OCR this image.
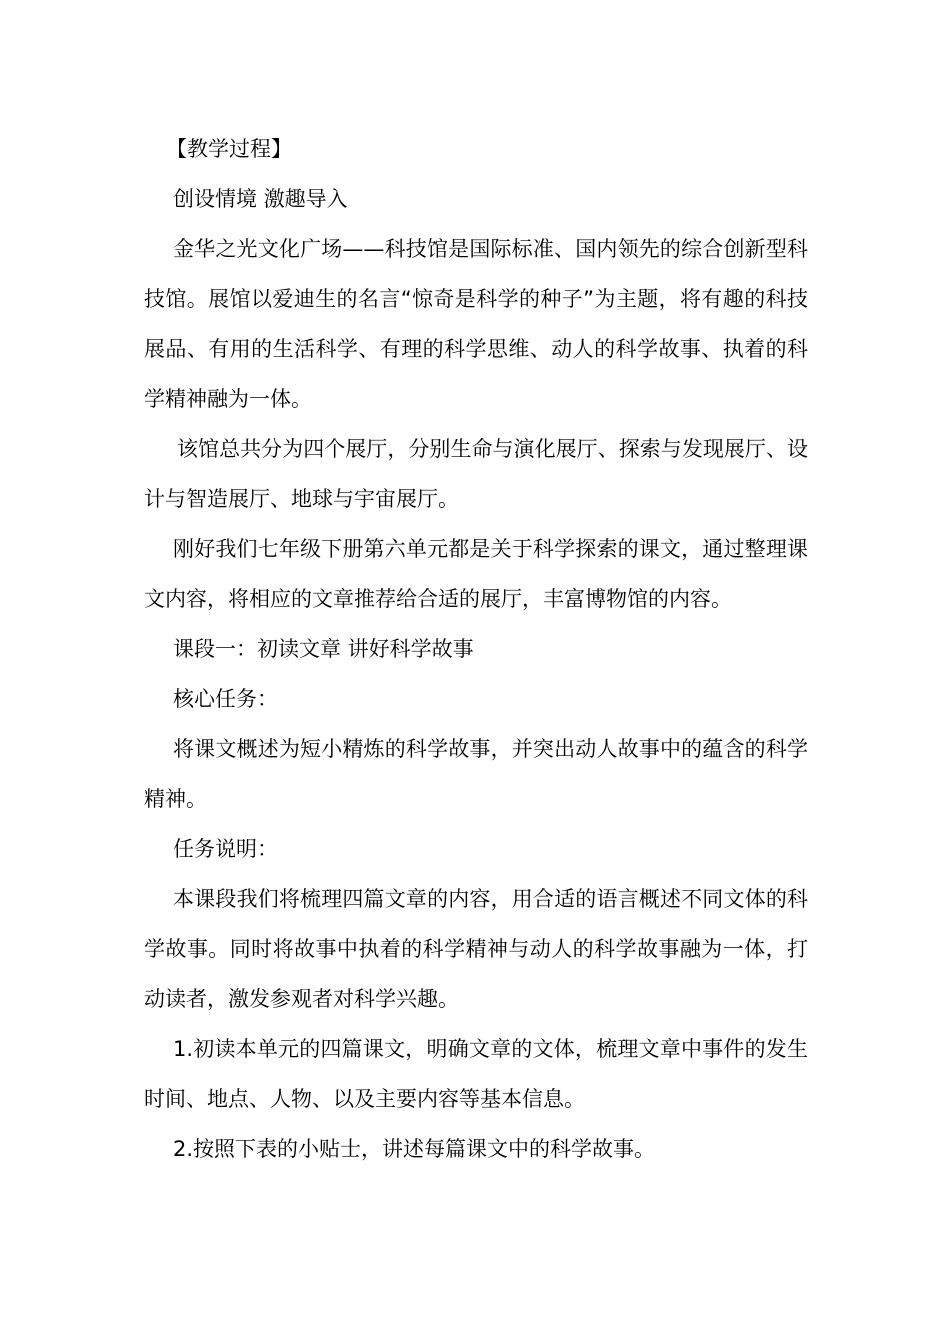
【教学过程】

创设情境 激趣导入

金华之光文化广场——科技馆是国际标准、国内领先的综合创新型科技馆。展馆以爱迪生的名言“惊奇是科学的种子”为主题，将有趣的科技展品、有用的生活科学、有理的科学思维、动人的科学故事、执着的科学精神融为一体。

该馆总共分为四个展厅，分别生命与演化展厅、探索与发现展厅、设计与智造展厅、地球与宇宙展厅。

刚好我们七年级下册第六单元都是关于科学探索的课文，通过整理课文内容，将相应的文章推荐给合适的展厅，丰富博物馆的内容。

课段一：初读文章 讲好科学故事

核心任务：

将课文概述为短小精炼的科学故事，并突出动人故事中的蕴含的科学精神。

任务说明：

本课段我们将梳理四篇文章的内容，用合适的语言概述不同文体的科学故事。同时将故事中执着的科学精神与动人的科学故事融为一体，打动读者，激发参观者对科学兴趣。

1.初读本单元的四篇课文，明确文章的文体，梳理文章中事件的发生时间、地点、人物、以及主要内容等基本信息。

2.按照下表的小贴士，讲述每篇课文中的科学故事。
